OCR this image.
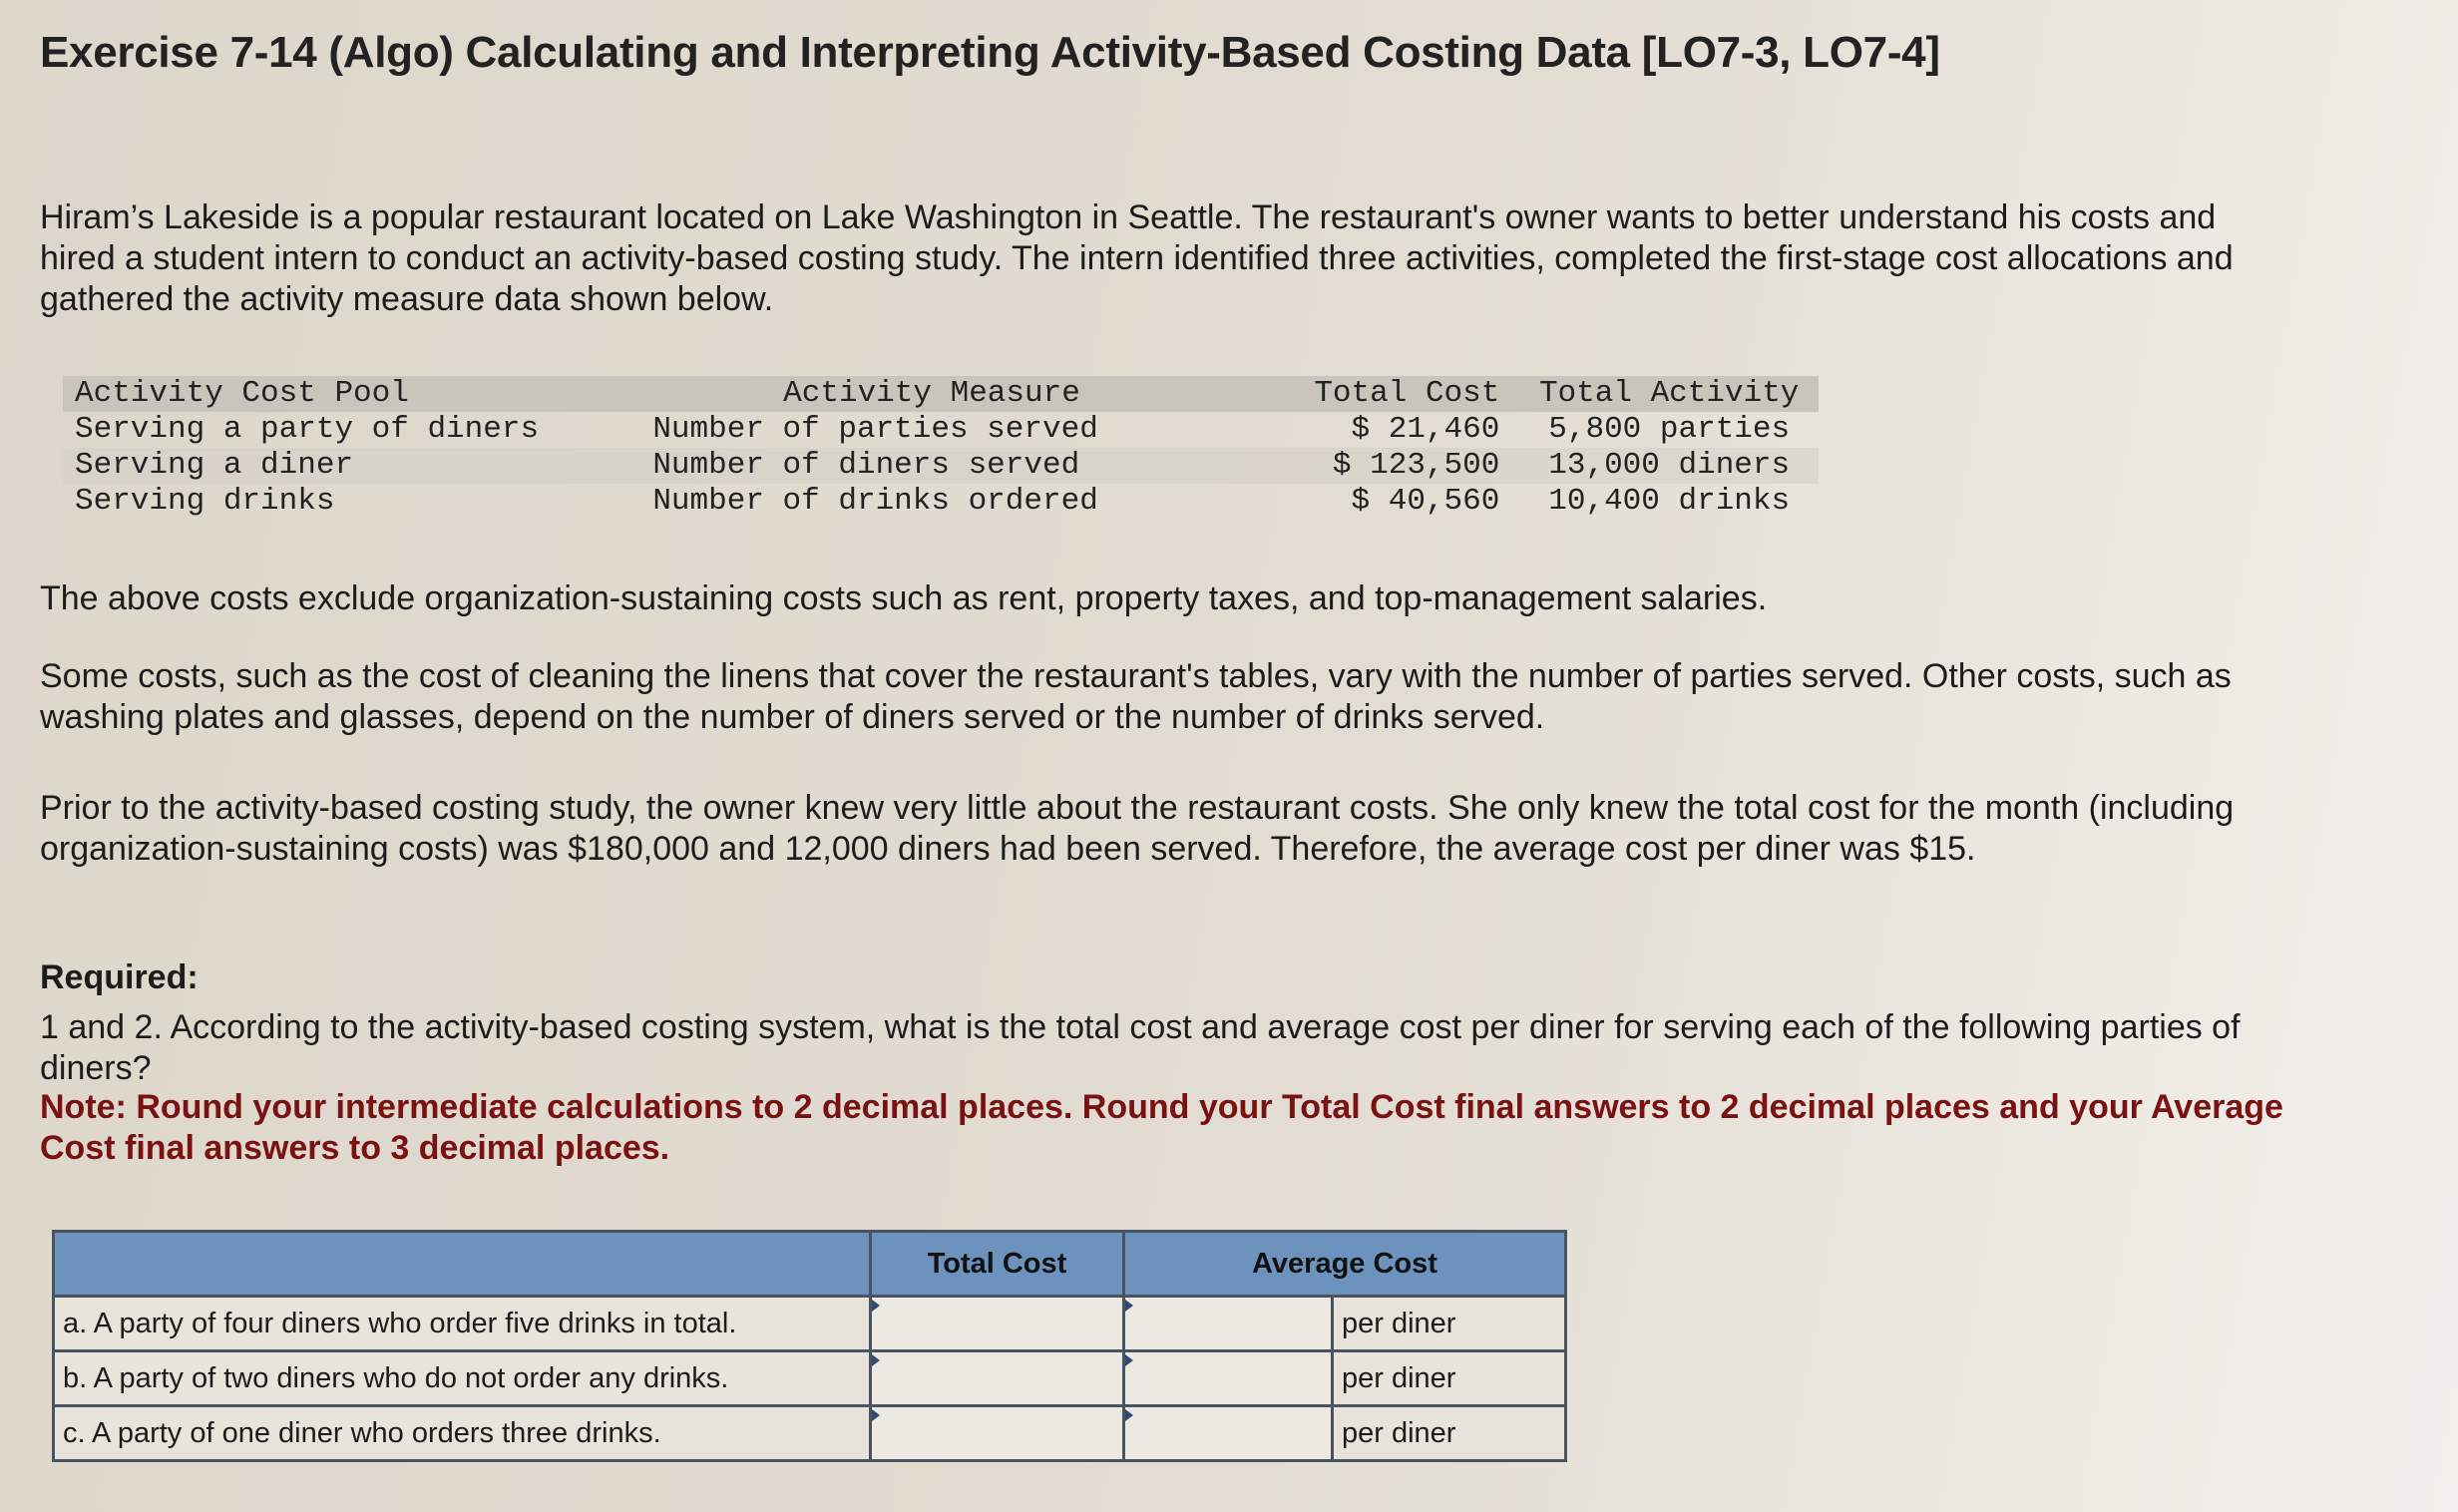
Exercise 7-14 (Algo) Calculating and Interpreting Activity-Based Costing Data [LO7-3, LO7-4]
Hiram’s Lakeside is a popular restaurant located on Lake Washington in Seattle. The restaurant's owner wants to better understand his costs and hired a student intern to conduct an activity-based costing study. The intern identified three activities, completed the first-stage cost allocations and gathered the activity measure data shown below.
Activity Cost Pool	Activity Measure	Total Cost	Total Activity
Serving a party of diners	Number of parties served	$ 21,460	5,800 parties
Serving a diner	Number of diners served	$ 123,500	13,000 diners
Serving drinks	Number of drinks ordered	$ 40,560	10,400 drinks
The above costs exclude organization-sustaining costs such as rent, property taxes, and top-management salaries.
Some costs, such as the cost of cleaning the linens that cover the restaurant's tables, vary with the number of parties served. Other costs, such as washing plates and glasses, depend on the number of diners served or the number of drinks served.
Prior to the activity-based costing study, the owner knew very little about the restaurant costs. She only knew the total cost for the month (including organization-sustaining costs) was $180,000 and 12,000 diners had been served. Therefore, the average cost per diner was $15.
Required:
1 and 2. According to the activity-based costing system, what is the total cost and average cost per diner for serving each of the following parties of diners?
Note: Round your intermediate calculations to 2 decimal places. Round your Total Cost final answers to 2 decimal places and your Average Cost final answers to 3 decimal places.
	Total Cost	Average Cost	
a. A party of four diners who order five drinks in total.			per diner
b. A party of two diners who do not order any drinks.			per diner
c. A party of one diner who orders three drinks.			per diner
